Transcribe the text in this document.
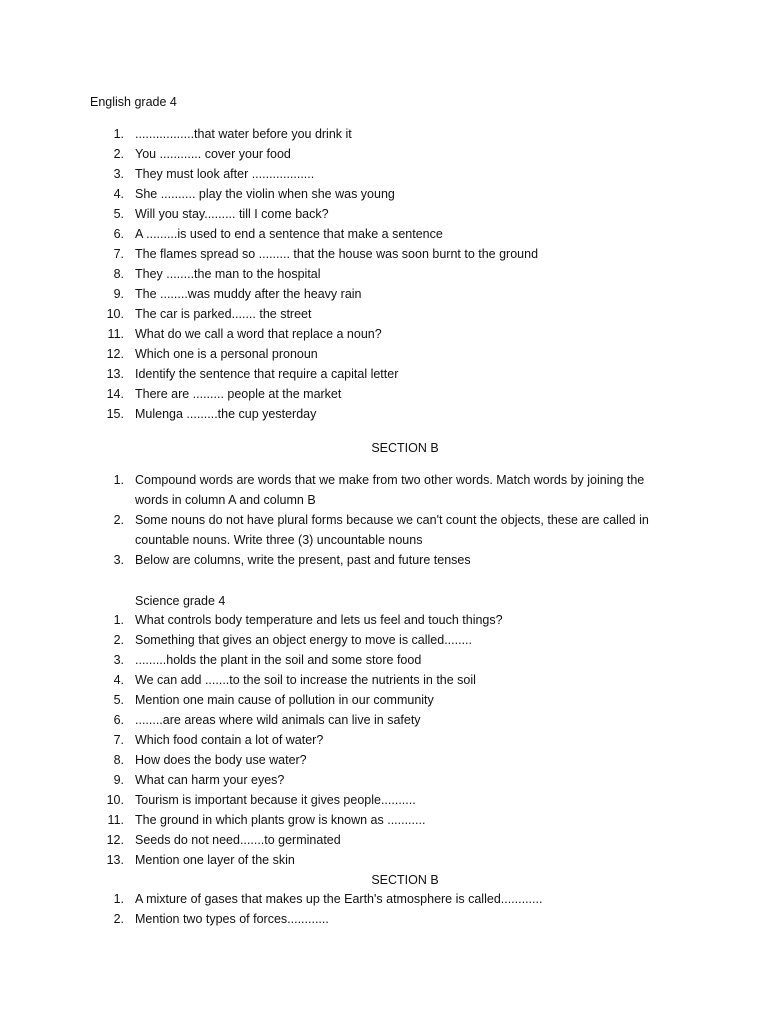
English grade 4
1. .................that water before you drink it
2. You ............ cover your food
3. They must look after ..................
4. She .......... play the violin when she was young
5. Will you stay......... till I come back?
6. A .........is used to end a sentence that make a sentence
7. The flames spread so ......... that the house was soon burnt to the ground
8. They ........the man to the hospital
9. The ........was muddy after the heavy rain
10. The car is parked....... the street
11. What do we call a word that replace a noun?
12. Which one is a personal pronoun
13. Identify the sentence that require a capital letter
14. There are ......... people at the market
15. Mulenga .........the cup yesterday
SECTION B
1. Compound words are words that we make from two other words. Match words by joining the words in column A and column B
2. Some nouns do not have plural forms because we can't count the objects, these are called in countable nouns. Write three (3) uncountable nouns
3. Below are columns, write the present, past and future tenses
Science grade 4
1. What controls body temperature and lets us feel and touch things?
2. Something that gives an object energy to move is called........
3. .........holds the plant in the soil and some store food
4. We can add .......to the soil to increase the nutrients in the soil
5. Mention one main cause of pollution in our community
6. ........are areas where wild animals can live in safety
7. Which food contain a lot of water?
8. How does the body use water?
9. What can harm your eyes?
10. Tourism is important because it gives people..........
11. The ground in which plants grow is known as ...........
12. Seeds do not need.......to germinated
13. Mention one layer of the skin
SECTION B
1. A mixture of gases that makes up the Earth's atmosphere is called............
2. Mention two types of forces............
